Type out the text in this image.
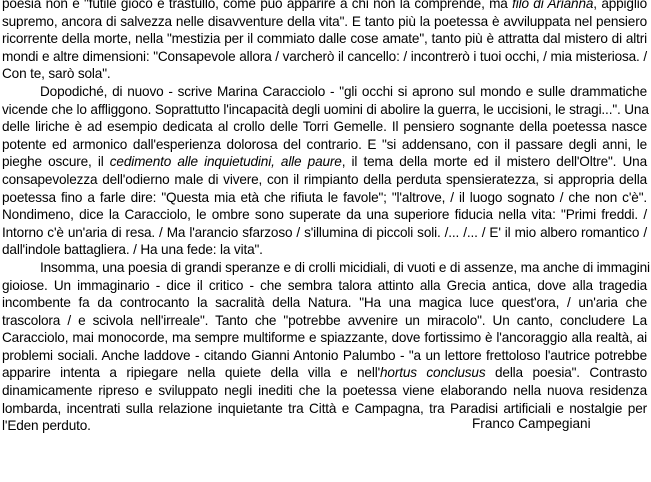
poesia non è "futile gioco e trastullo, come può apparire a chi non la comprende, ma filo di Arianna, appiglio
supremo, ancora di salvezza nelle disavventure della vita". E tanto più la poetessa è avviluppata nel pensiero
ricorrente della morte, nella "mestizia per il commiato dalle cose amate", tanto più è attratta dal mistero di altri
mondi e altre dimensioni: "Consapevole allora / varcherò il cancello: / incontrerò i tuoi occhi, / mia misteriosa. /
Con te, sarò sola".
Dopodiché, di nuovo - scrive Marina Caracciolo - "gli occhi si aprono sul mondo e sulle drammatiche
vicende che lo affliggono. Soprattutto l'incapacità degli uomini di abolire la guerra, le uccisioni, le stragi...". Una
delle liriche è ad esempio dedicata al crollo delle Torri Gemelle. Il pensiero sognante della poetessa nasce
potente ed armonico dall'esperienza dolorosa del contrario. E "si addensano, con il passare degli anni, le
pieghe oscure, il cedimento alle inquietudini, alle paure, il tema della morte ed il mistero dell'Oltre". Una
consapevolezza dell'odierno male di vivere, con il rimpianto della perduta spensieratezza, si appropria della
poetessa fino a farle dire: "Questa mia età che rifiuta le favole"; "l'altrove, / il luogo sognato / che non c'è".
Nondimeno, dice la Caracciolo, le ombre sono superate da una superiore fiducia nella vita: "Primi freddi. /
Intorno c'è un'aria di resa. / Ma l'arancio sfarzoso / s'illumina di piccoli soli. /... /... / E' il mio albero romantico /
dall'indole battagliera. / Ha una fede: la vita".
Insomma, una poesia di grandi speranze e di crolli micidiali, di vuoti e di assenze, ma anche di immagini
gioiose. Un immaginario - dice il critico - che sembra talora attinto alla Grecia antica, dove alla tragedia
incombente fa da controcanto la sacralità della Natura. "Ha una magica luce quest'ora, / un'aria che
trascolora / e scivola nell'irreale". Tanto che "potrebbe avvenire un miracolo". Un canto, concludere La
Caracciolo, mai monocorde, ma sempre multiforme e spiazzante, dove fortissimo è l'ancoraggio alla realtà, ai
problemi sociali. Anche laddove - citando Gianni Antonio Palumbo - "a un lettore frettoloso l'autrice potrebbe
apparire intenta a ripiegare nella quiete della villa e nell'hortus conclusus della poesia". Contrasto
dinamicamente ripreso e sviluppato negli inediti che la poetessa viene elaborando nella nuova residenza
lombarda, incentrati sulla relazione inquietante tra Città e Campagna, tra Paradisi artificiali e nostalgie per
l'Eden perduto.	Franco Campegiani
